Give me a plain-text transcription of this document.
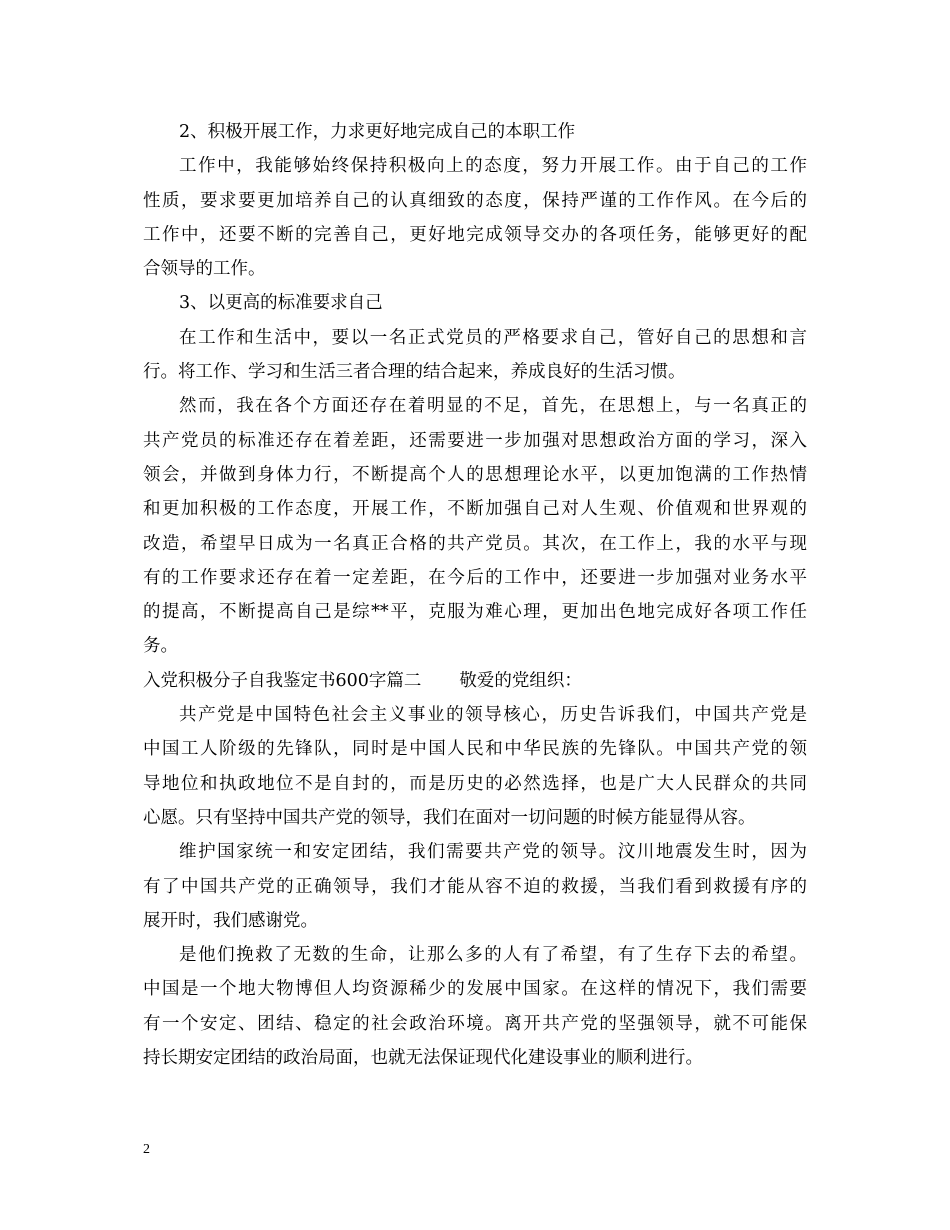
2、积极开展工作，力求更好地完成自己的本职工作
工作中，我能够始终保持积极向上的态度，努力开展工作。由于自己的工作
性质，要求要更加培养自己的认真细致的态度，保持严谨的工作作风。在今后的
工作中，还要不断的完善自己，更好地完成领导交办的各项任务，能够更好的配
合领导的工作。
3、以更高的标准要求自己
在工作和生活中，要以一名正式党员的严格要求自己，管好自己的思想和言
行。将工作、学习和生活三者合理的结合起来，养成良好的生活习惯。
然而，我在各个方面还存在着明显的不足，首先，在思想上，与一名真正的
共产党员的标准还存在着差距，还需要进一步加强对思想政治方面的学习，深入
领会，并做到身体力行，不断提高个人的思想理论水平，以更加饱满的工作热情
和更加积极的工作态度，开展工作，不断加强自己对人生观、价值观和世界观的
改造，希望早日成为一名真正合格的共产党员。其次，在工作上，我的水平与现
有的工作要求还存在着一定差距，在今后的工作中，还要进一步加强对业务水平
的提高，不断提高自己是综**平，克服为难心理，更加出色地完成好各项工作任
务。
入党积极分子自我鉴定书600字篇二 敬爱的党组织：
共产党是中国特色社会主义事业的领导核心，历史告诉我们，中国共产党是
中国工人阶级的先锋队，同时是中国人民和中华民族的先锋队。中国共产党的领
导地位和执政地位不是自封的，而是历史的必然选择，也是广大人民群众的共同
心愿。只有坚持中国共产党的领导，我们在面对一切问题的时候方能显得从容。
维护国家统一和安定团结，我们需要共产党的领导。汶川地震发生时，因为
有了中国共产党的正确领导，我们才能从容不迫的救援，当我们看到救援有序的
展开时，我们感谢党。
是他们挽救了无数的生命，让那么多的人有了希望，有了生存下去的希望。
中国是一个地大物博但人均资源稀少的发展中国家。在这样的情况下，我们需要
有一个安定、团结、稳定的社会政治环境。离开共产党的坚强领导，就不可能保
持长期安定团结的政治局面，也就无法保证现代化建设事业的顺利进行。
2
